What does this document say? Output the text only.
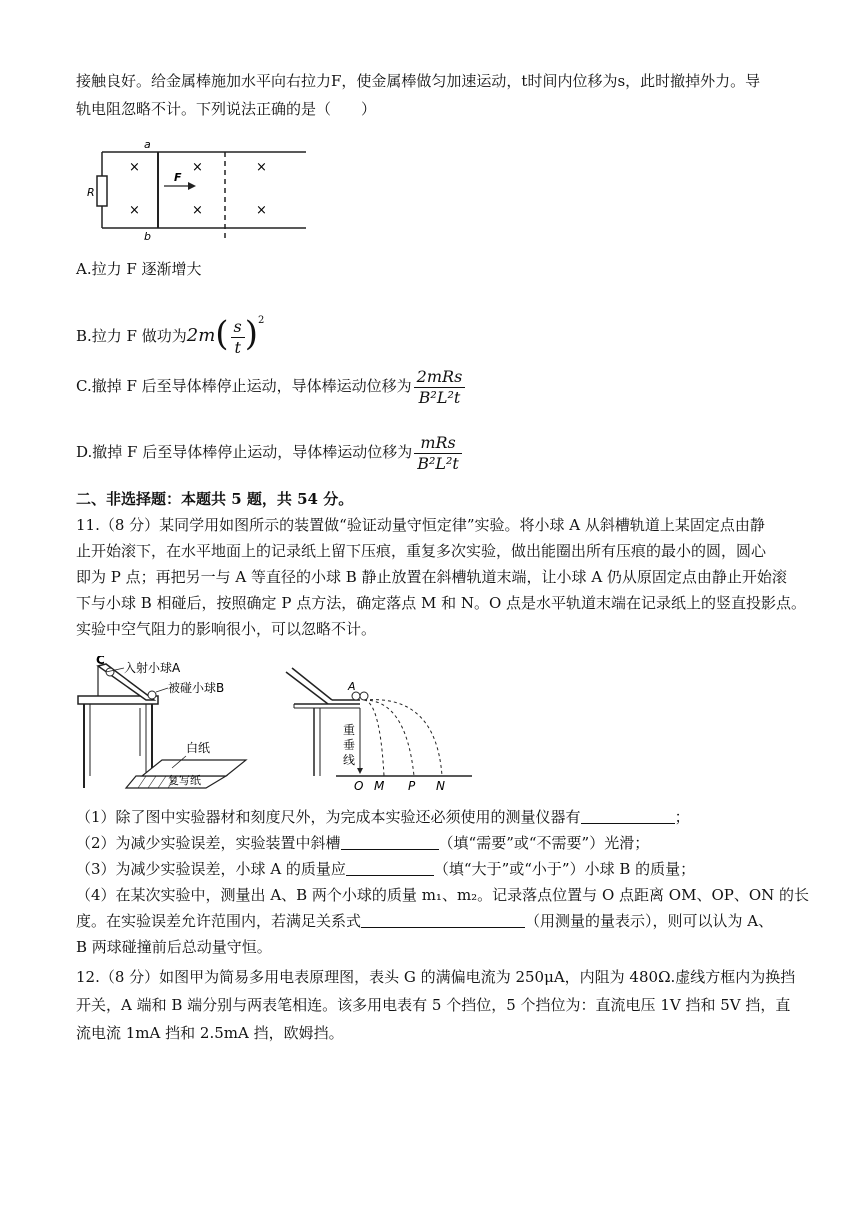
接触良好。给金属棒施加水平向右拉力F，使金属棒做匀加速运动，t时间内位移为s，此时撤掉外力。导
轨电阻忽略不计。下列说法正确的是（　　）
a
b
R
F
×	×	×
×	×	×
A.拉力 F 逐渐增大
B.拉力 F 做功为$2m( \frac{s}{t} )^2$
C.撤掉 F 后至导体棒停止运动，导体棒运动位移为 $\frac{\text{2mRs}}{\text{B²L²t}}$
D.撤掉 F 后至导体棒停止运动，导体棒运动位移为 $\frac{\text{mRs}}{\text{B²L²t}}$
二、非选择题：本题共 5 题，共 54 分。
11.（8 分）某同学用如图所示的装置做“验证动量守恒定律”实验。将小球 A 从斜槽轨道上某固定点由静
止开始滚下，在水平地面上的记录纸上留下压痕，重复多次实验，做出能圈出所有压痕的最小的圆，圆心
即为 P 点；再把另一与 A 等直径的小球 B 静止放置在斜槽轨道末端，让小球 A 仍从原固定点由静止开始滚
下与小球 B 相碰后，按照确定 P 点方法，确定落点 M 和 N。O 点是水平轨道末端在记录纸上的竖直投影点。
实验中空气阻力的影响很小，可以忽略不计。
C
入射小球A
被碰小球B
白纸
复写纸
A
重
垂
线
O M P N
（1）除了图中实验器材和刻度尺外，为完成本实验还必须使用的测量仪器有	；
（2）为减少实验误差，实验装置中斜槽	（填“需要”或“不需要”）光滑；
（3）为减少实验误差，小球 A 的质量应	（填“大于”或“小于”）小球 B 的质量；
（4）在某次实验中，测量出 A、B 两个小球的质量 m₁、m₂。记录落点位置与 O 点距离 OM、OP、ON 的长
度。在实验误差允许范围内，若满足关系式	（用测量的量表示），则可以认为 A、
B 两球碰撞前后总动量守恒。
12.（8 分）如图甲为简易多用电表原理图，表头 G 的满偏电流为 250μA，内阻为 480Ω.虚线方框内为换挡
开关，A 端和 B 端分别与两表笔相连。该多用电表有 5 个挡位，5 个挡位为：直流电压 1V 挡和 5V 挡，直
流电流 1mA 挡和 2.5mA 挡，欧姆挡。
